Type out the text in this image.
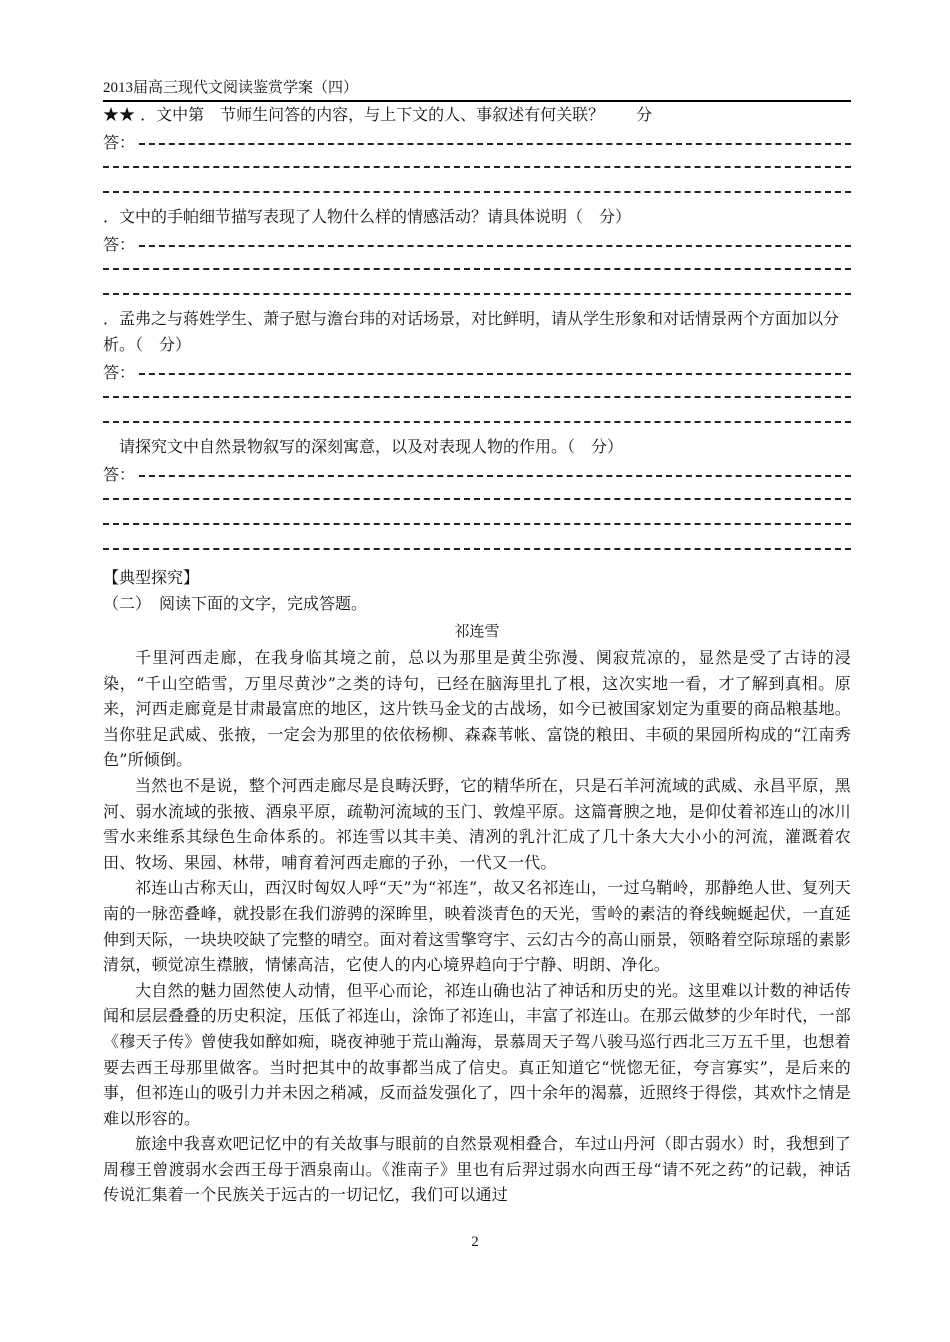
2013届高三现代文阅读鉴赏学案（四）
★★ ．文中第　节师生问答的内容，与上下文的人、事叙述有何关联？　　分
答：
．文中的手帕细节描写表现了人物什么样的情感活动？请具体说明（　分）
答：
．孟弗之与蒋姓学生、萧子慰与澹台玮的对话场景，对比鲜明，请从学生形象和对话情景两个方面加以分析。（　分）
答：
　请探究文中自然景物叙写的深刻寓意，以及对表现人物的作用。（　分）
答：
【典型探究】
（二）　阅读下面的文字，完成答题。
祁连雪

千里河西走廊，在我身临其境之前，总以为那里是黄尘弥漫、阒寂荒凉的，显然是受了古诗的浸染，“千山空皓雪，万里尽黄沙”之类的诗句，已经在脑海里扎了根，这次实地一看，才了解到真相。原来，河西走廊竟是甘肃最富庶的地区，这片铁马金戈的古战场，如今已被国家划定为重要的商品粮基地。当你驻足武威、张掖，一定会为那里的依依杨柳、森森苇帐、富饶的粮田、丰硕的果园所构成的“江南秀色”所倾倒。

当然也不是说，整个河西走廊尽是良畴沃野，它的精华所在，只是石羊河流域的武威、永昌平原，黑河、弱水流域的张掖、酒泉平原，疏勒河流域的玉门、敦煌平原。这篇膏腴之地，是仰仗着祁连山的冰川雪水来维系其绿色生命体系的。祁连雪以其丰美、清冽的乳汁汇成了几十条大大小小的河流，灌溉着农田、牧场、果园、林带，哺育着河西走廊的子孙，一代又一代。

祁连山古称天山，西汉时匈奴人呼“天”为“祁连”，故又名祁连山，一过乌鞘岭，那静绝人世、复列天南的一脉峦叠峰，就投影在我们游骋的深眸里，映着淡青色的天光，雪岭的素洁的脊线蜿蜒起伏，一直延伸到天际，一块块咬缺了完整的晴空。面对着这雪擎穹宇、云幻古今的高山丽景，领略着空际琼瑶的素影清氛，顿觉凉生襟腋，情愫高洁，它使人的内心境界趋向于宁静、明朗、净化。

大自然的魅力固然使人动情，但平心而论，祁连山确也沾了神话和历史的光。这里难以计数的神话传闻和层层叠叠的历史积淀，压低了祁连山，涂饰了祁连山，丰富了祁连山。在那云做梦的少年时代，一部《穆天子传》曾使我如醉如痴，晓夜神驰于荒山瀚海，景慕周天子驾八骏马巡行西北三万五千里，也想着要去西王母那里做客。当时把其中的故事都当成了信史。真正知道它“恍惚无征，夸言寡实”，是后来的事，但祁连山的吸引力并未因之稍减，反而益发强化了，四十余年的渴慕，近照终于得偿，其欢忭之情是难以形容的。

旅途中我喜欢吧记忆中的有关故事与眼前的自然景观相叠合，车过山丹河（即古弱水）时，我想到了周穆王曾渡弱水会西王母于酒泉南山。《淮南子》里也有后羿过弱水向西王母“请不死之药”的记载，神话传说汇集着一个民族关于远古的一切记忆，我们可以通过

2
